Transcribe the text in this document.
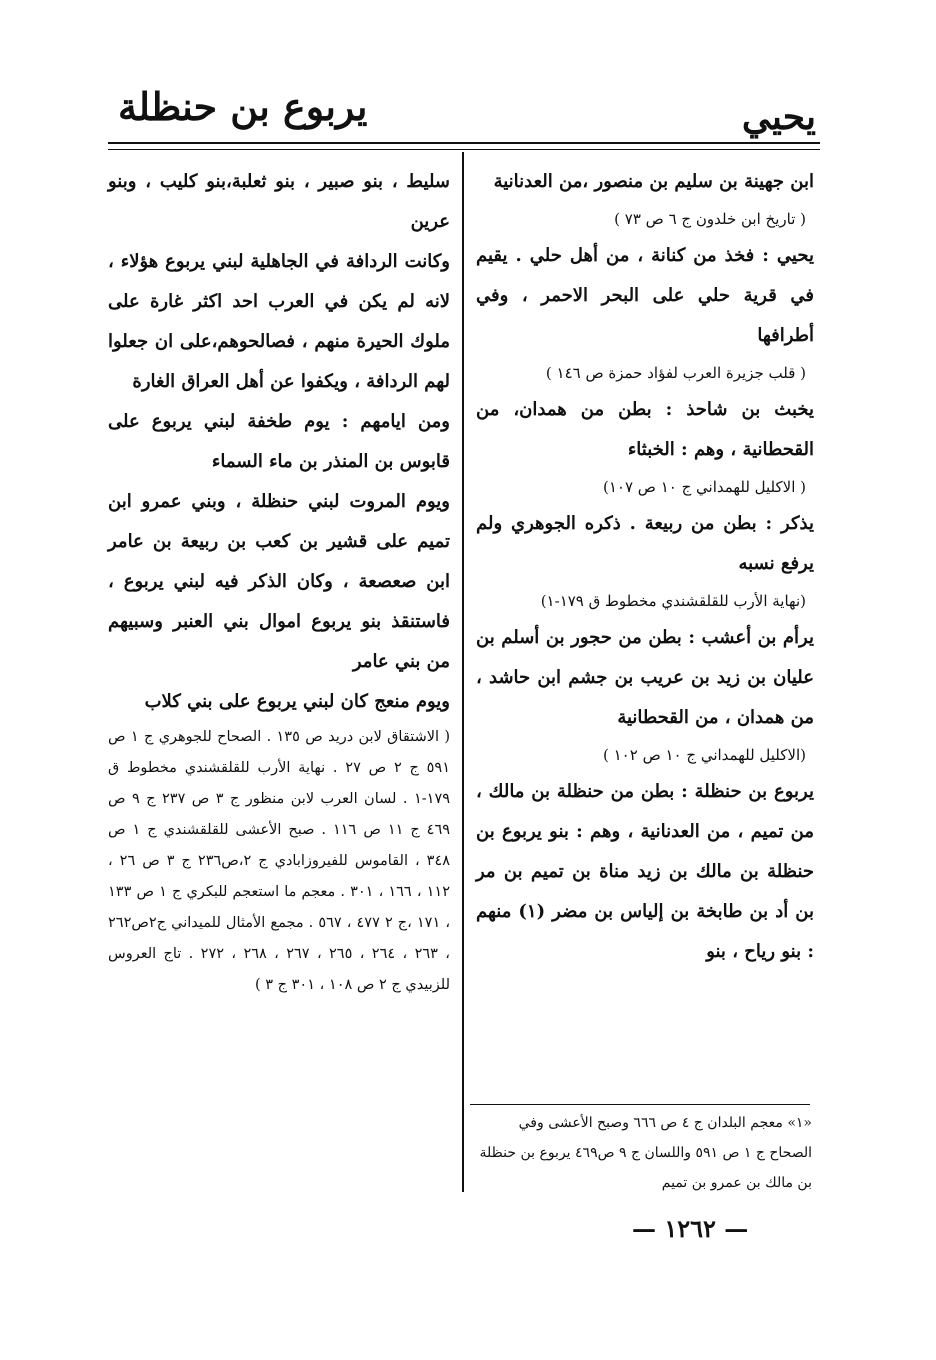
يربوع بن حنظلة	يحيي

ابن جهينة بن سليم بن منصور ،من العدنانية

( تاريخ ابن خلدون ج ٦ ص ٧٣ )

يحيي : فخذ من كنانة ، من أهل حلي . يقيم في قرية حلي على البحر الاحمر ، وفي أطرافها

( قلب جزيرة العرب لفؤاد حمزة ص ١٤٦ )

يخبث بن شاحذ : بطن من همدان، من القحطانية ، وهم : الخبثاء

( الاكليل للهمداني ج ١٠ ص ١٠٧)

يذكر : بطن من ربيعة . ذكره الجوهري ولم يرفع نسبه

(نهاية الأرب للقلقشندي مخطوط ق ١٧٩-١)

يرأم بن أعشب : بطن من حجور بن أسلم بن عليان بن زيد بن عريب بن جشم ابن حاشد ، من همدان ، من القحطانية

(الاكليل للهمداني ج ١٠ ص ١٠٢ )

يربوع بن حنظلة : بطن من حنظلة بن مالك ، من تميم ، من العدنانية ، وهم : بنو يربوع بن حنظلة بن مالك بن زيد مناة بن تميم بن مر بن أد بن طابخة بن إلياس بن مضر (١) منهم : بنو رياح ، بنو

سليط ، بنو صبير ، بنو ثعلبة،بنو كليب ، وبنو عرين

وكانت الردافة في الجاهلية لبني يربوع هؤلاء ، لانه لم يكن في العرب احد اكثر غارة على ملوك الحيرة منهم ، فصالحوهم،على ان جعلوا لهم الردافة ، ويكفوا عن أهل العراق الغارة

ومن ايامهم : يوم طخفة لبني يربوع على قابوس بن المنذر بن ماء السماء

ويوم المروت لبني حنظلة ، وبني عمرو ابن تميم على قشير بن كعب بن ربيعة بن عامر ابن صعصعة ، وكان الذكر فيه لبني يربوع ، فاستنقذ بنو يربوع اموال بني العنبر وسبيهم من بني عامر

ويوم منعج كان لبني يربوع على بني كلاب

( الاشتقاق لابن دريد ص ١٣٥ . الصحاح للجوهري ج ١ ص ٥٩١ ج ٢ ص ٢٧ . نهاية الأرب للقلقشندي مخطوط ق ١٧٩-١ . لسان العرب لابن منظور ج ٣ ص ٢٣٧ ج ٩ ص ٤٦٩ ج ١١ ص ١١٦ . صبح الأعشى للقلقشندي ج ١ ص ٣٤٨ ، القاموس للفيروزابادي ج ٢،ص٢٣٦ ج ٣ ص ٢٦ ، ١١٢ ، ١٦٦ ، ٣٠١ . معجم ما استعجم للبكري ج ١ ص ١٣٣ ، ١٧١ ،ج ٢ ٤٧٧ ، ٥٦٧ . مجمع الأمثال للميداني ج٢ص٢٦٢ ، ٢٦٣ ، ٢٦٤ ، ٢٦٥ ، ٢٦٧ ، ٢٦٨ ، ٢٧٢ . تاج العروس للزبيدي ج ٢ ص ١٠٨ ، ٣٠١ ج ٣ )

«١» معجم البلدان ج ٤ ص ٦٦٦ وصبح الأعشى وفي الصحاح ج ١ ص ٥٩١ واللسان ج ٩ ص٤٦٩ يربوع بن حنظلة بن مالك بن عمرو بن تميم
— ١٢٦٢ —
